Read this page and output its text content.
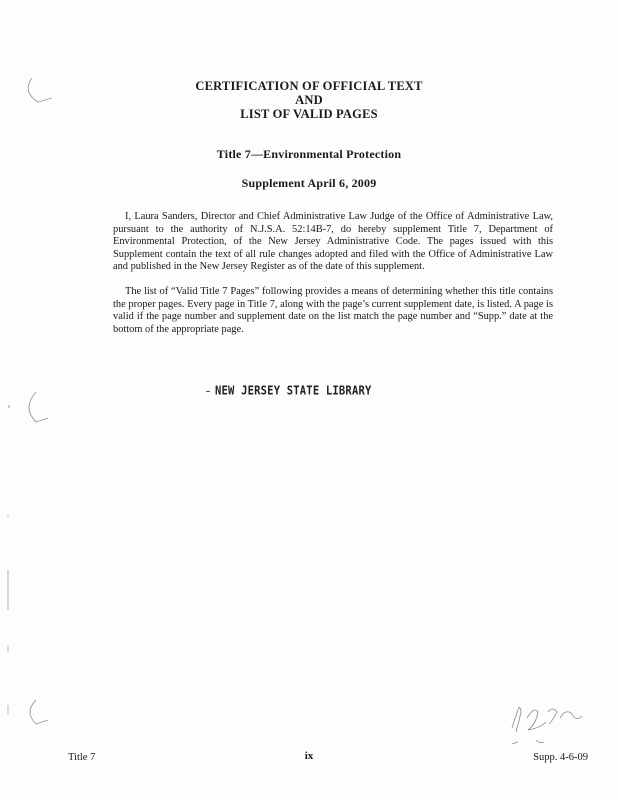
CERTIFICATION OF OFFICIAL TEXT
AND
LIST OF VALID PAGES
Title 7—Environmental Protection
Supplement April 6, 2009

I, Laura Sanders, Director and Chief Administrative Law Judge of the Office of Administrative Law, pursuant to the authority of N.J.S.A. 52:14B-7, do hereby supplement Title 7, Department of Environmental Protection, of the New Jersey Administrative Code. The pages issued with this Supplement contain the text of all rule changes adopted and filed with the Office of Administrative Law and published in the New Jersey Register as of the date of this supplement.

The list of “Valid Title 7 Pages” following provides a means of determining whether this title contains the proper pages. Every page in Title 7, along with the page’s current supplement date, is listed. A page is valid if the page number and supplement date on the list match the page number and “Supp.” date at the bottom of the appropriate page.

NEW JERSEY STATE LIBRARY
Title 7	ix	Supp. 4-6-09
